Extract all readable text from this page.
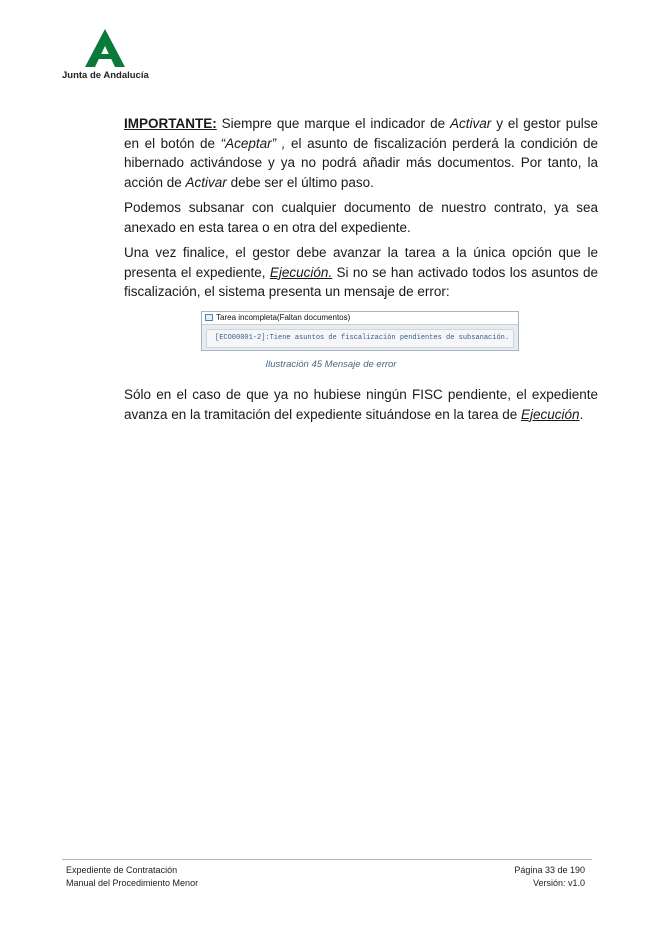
Junta de Andalucía

IMPORTANTE: Siempre que marque el indicador de Activar y el gestor pulse en el botón de “Aceptar” , el asunto de fiscalización perderá la condición de hibernado activándose y ya no podrá añadir más documentos. Por tanto, la acción de Activar debe ser el último paso.

Podemos subsanar con cualquier documento de nuestro contrato, ya sea anexado en esta tarea o en otra del expediente.

Una vez finalice, el gestor debe avanzar la tarea a la única opción que le presenta el expediente, Ejecución. Si no se han activado todos los asuntos de fiscalización, el sistema presenta un mensaje de error:

Tarea incompleta(Faltan documentos)
[ECO00001-2]:Tiene asuntos de fiscalización pendientes de subsanación.
Ilustración 45 Mensaje de error

Sólo en el caso de que ya no hubiese ningún FISC pendiente, el expediente avanza en la tramitación del expediente situándose en la tarea de Ejecución.

Expediente de Contratación
Manual del Procedimiento Menor
Página 33 de 190
Versión: v1.0
